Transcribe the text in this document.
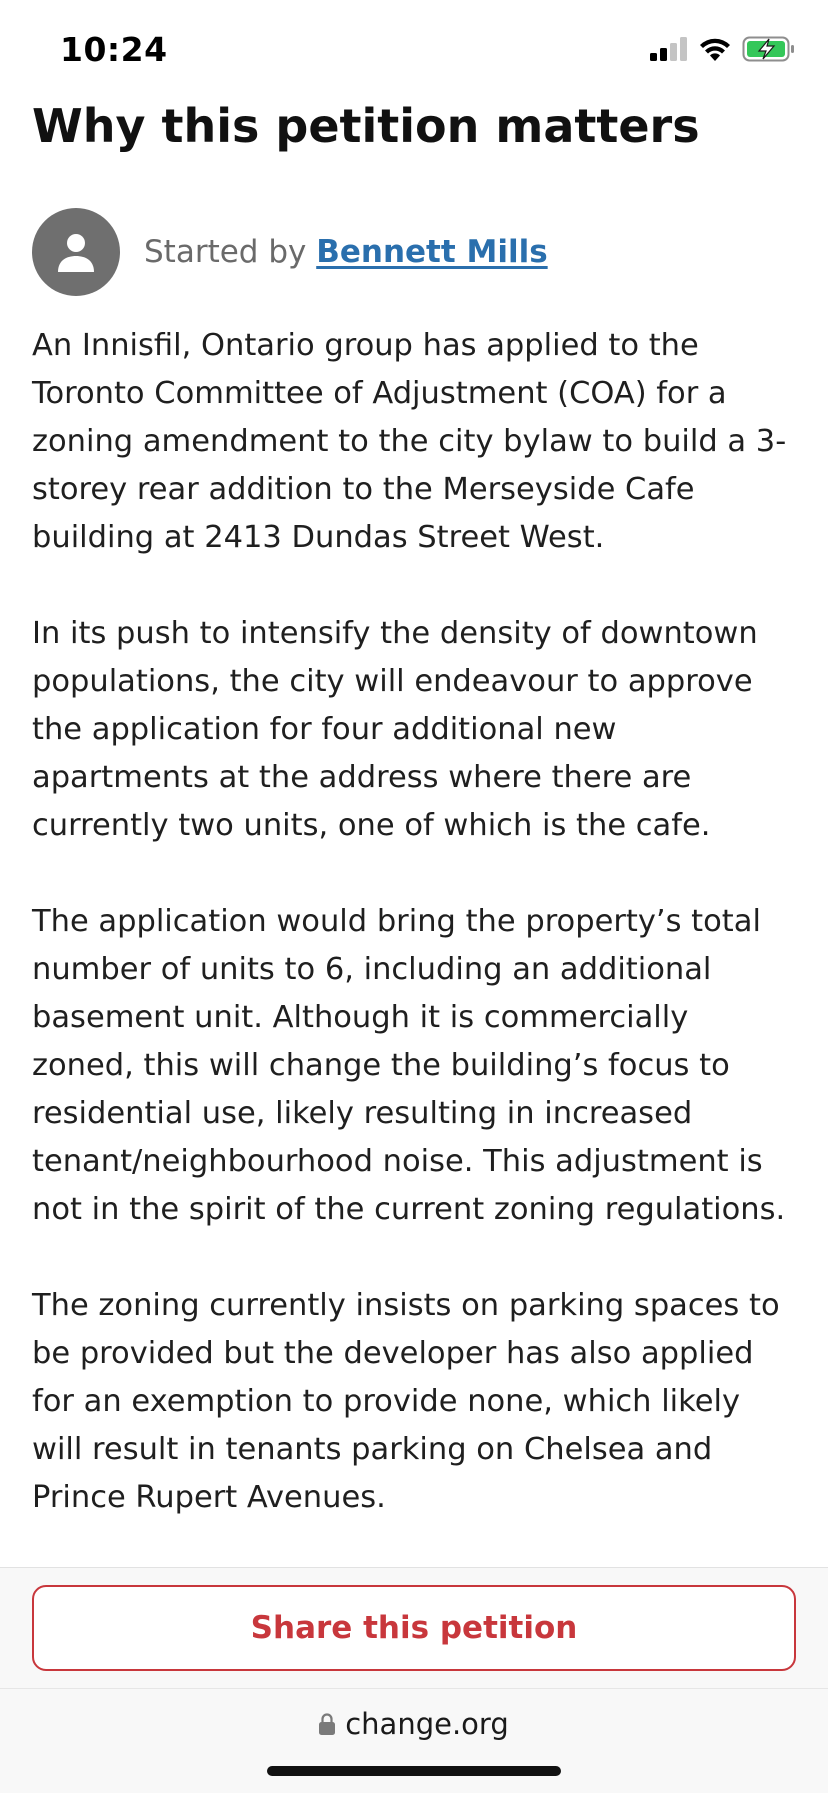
10:24
Why this petition matters
Started by Bennett Mills

An Innisfil, Ontario group has applied to the Toronto Committee of Adjustment (COA) for a zoning amendment to the city bylaw to build a 3-storey rear addition to the Merseyside Cafe building at 2413 Dundas Street West.

In its push to intensify the density of downtown populations, the city will endeavour to approve the application for four additional new apartments at the address where there are currently two units, one of which is the cafe.

The application would bring the property’s total number of units to 6, including an additional basement unit. Although it is commercially zoned, this will change the building’s focus to residential use, likely resulting in increased tenant/neighbourhood noise. This adjustment is not in the spirit of the current zoning regulations.

The zoning currently insists on parking spaces to be provided but the developer has also applied for an exemption to provide none, which likely will result in tenants parking on Chelsea and Prince Rupert Avenues.

Share this petition
change.org
